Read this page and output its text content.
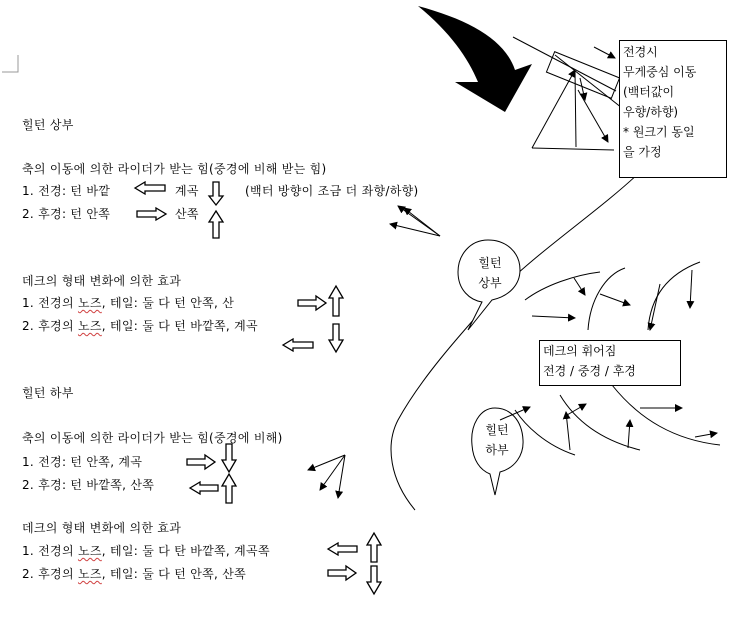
힐턴 상부
축의 이동에 의한 라이더가 받는 힘(중경에 비해 받는 힘)
1. 전경: 턴 바깥	계곡	(백터 방향이 조금 더 좌향/하향)
2. 후경: 턴 안쪽	산쪽
데크의 형태 변화에 의한 효과
1. 전경의 노즈, 테일: 둘 다 턴 안쪽, 산
2. 후경의 노즈, 테일: 둘 다 턴 바깥쪽, 계곡
힐턴 하부
축의 이동에 의한 라이더가 받는 힘(중경에 비해)
1. 전경: 턴 안쪽, 계곡
2. 후경: 턴 바깥쪽, 산쪽
데크의 형태 변화에 의한 효과
1. 전경의 노즈, 테일: 둘 다 탄 바깥쪽, 계곡쪽
2. 후경의 노즈, 테일: 둘 다 턴 안쪽, 산쪽
전경시
무게중심 이동
(백터값이
우향/하향)
* 원크기 동일
을 가정
데크의 휘어짐
전경 / 중경 / 후경
힐턴
상부
힐턴
하부
